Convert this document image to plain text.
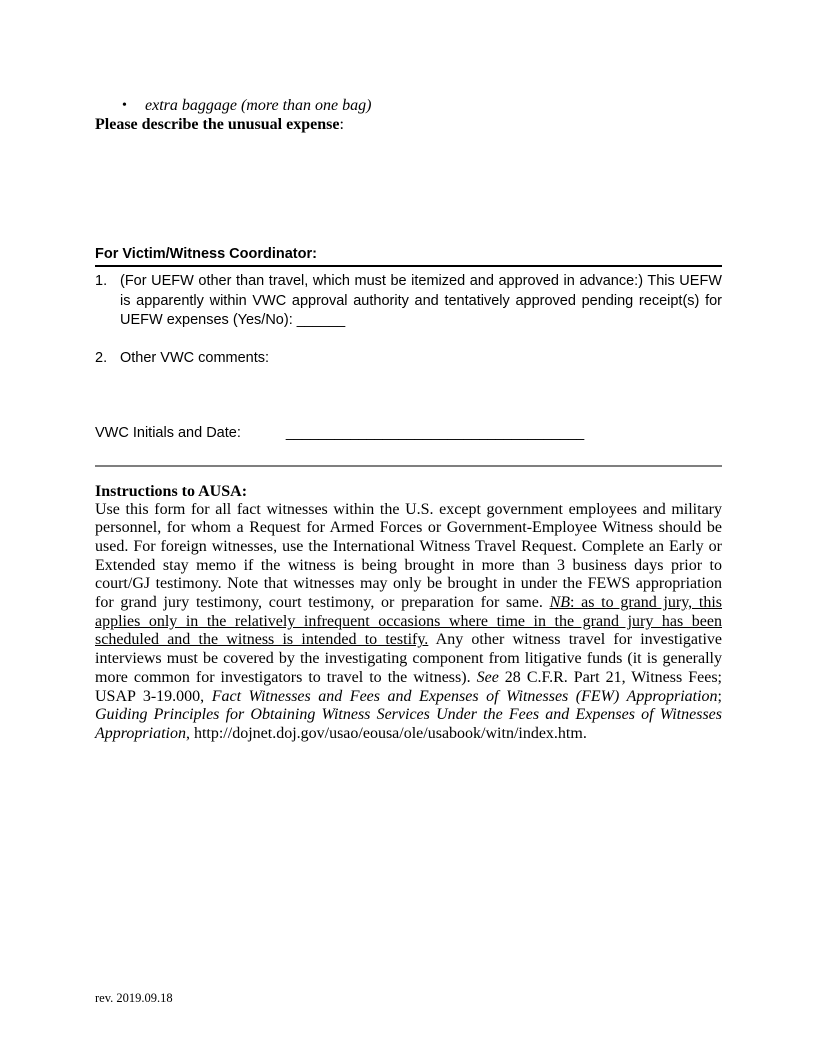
•	extra baggage (more than one bag)
Please describe the unusual expense:
For Victim/Witness Coordinator:
1. (For UEFW other than travel, which must be itemized and approved in advance:) This UEFW is apparently within VWC approval authority and tentatively approved pending receipt(s) for UEFW expenses (Yes/No): ______
2. Other VWC comments:
VWC Initials and Date:	_____________________________________
Instructions to AUSA:
Use this form for all fact witnesses within the U.S. except government employees and military personnel, for whom a Request for Armed Forces or Government-Employee Witness should be used. For foreign witnesses, use the International Witness Travel Request. Complete an Early or Extended stay memo if the witness is being brought in more than 3 business days prior to court/GJ testimony. Note that witnesses may only be brought in under the FEWS appropriation for grand jury testimony, court testimony, or preparation for same. NB: as to grand jury, this applies only in the relatively infrequent occasions where time in the grand jury has been scheduled and the witness is intended to testify. Any other witness travel for investigative interviews must be covered by the investigating component from litigative funds (it is generally more common for investigators to travel to the witness). See 28 C.F.R. Part 21, Witness Fees; USAP 3-19.000, Fact Witnesses and Fees and Expenses of Witnesses (FEW) Appropriation; Guiding Principles for Obtaining Witness Services Under the Fees and Expenses of Witnesses Appropriation, http://dojnet.doj.gov/usao/eousa/ole/usabook/witn/index.htm.
rev. 2019.09.18
